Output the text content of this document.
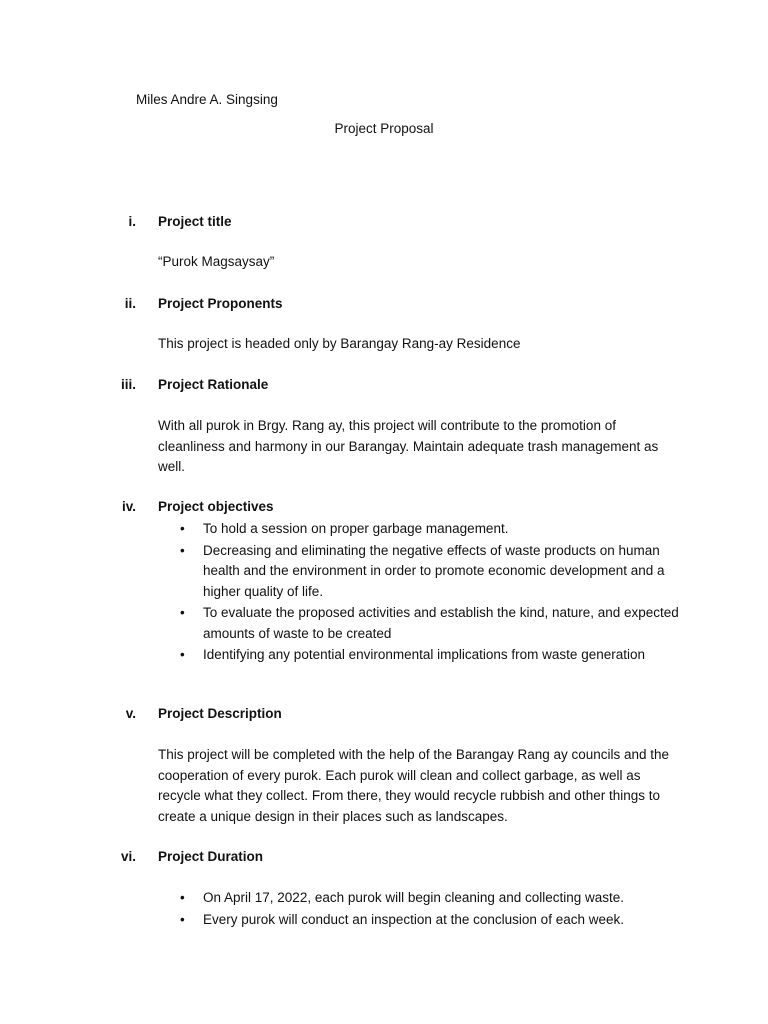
Miles Andre A. Singsing
Project Proposal
i. Project title
“Purok Magsaysay”
ii. Project Proponents
This project is headed only by Barangay Rang-ay Residence
iii. Project Rationale
With all purok in Brgy. Rang ay, this project will contribute to the promotion of cleanliness and harmony in our Barangay. Maintain adequate trash management as well.
iv. Project objectives
• To hold a session on proper garbage management.
• Decreasing and eliminating the negative effects of waste products on human health and the environment in order to promote economic development and a higher quality of life.
• To evaluate the proposed activities and establish the kind, nature, and expected amounts of waste to be created
• Identifying any potential environmental implications from waste generation
v. Project Description
This project will be completed with the help of the Barangay Rang ay councils and the cooperation of every purok. Each purok will clean and collect garbage, as well as recycle what they collect. From there, they would recycle rubbish and other things to create a unique design in their places such as landscapes.
vi. Project Duration
• On April 17, 2022, each purok will begin cleaning and collecting waste.
• Every purok will conduct an inspection at the conclusion of each week.
